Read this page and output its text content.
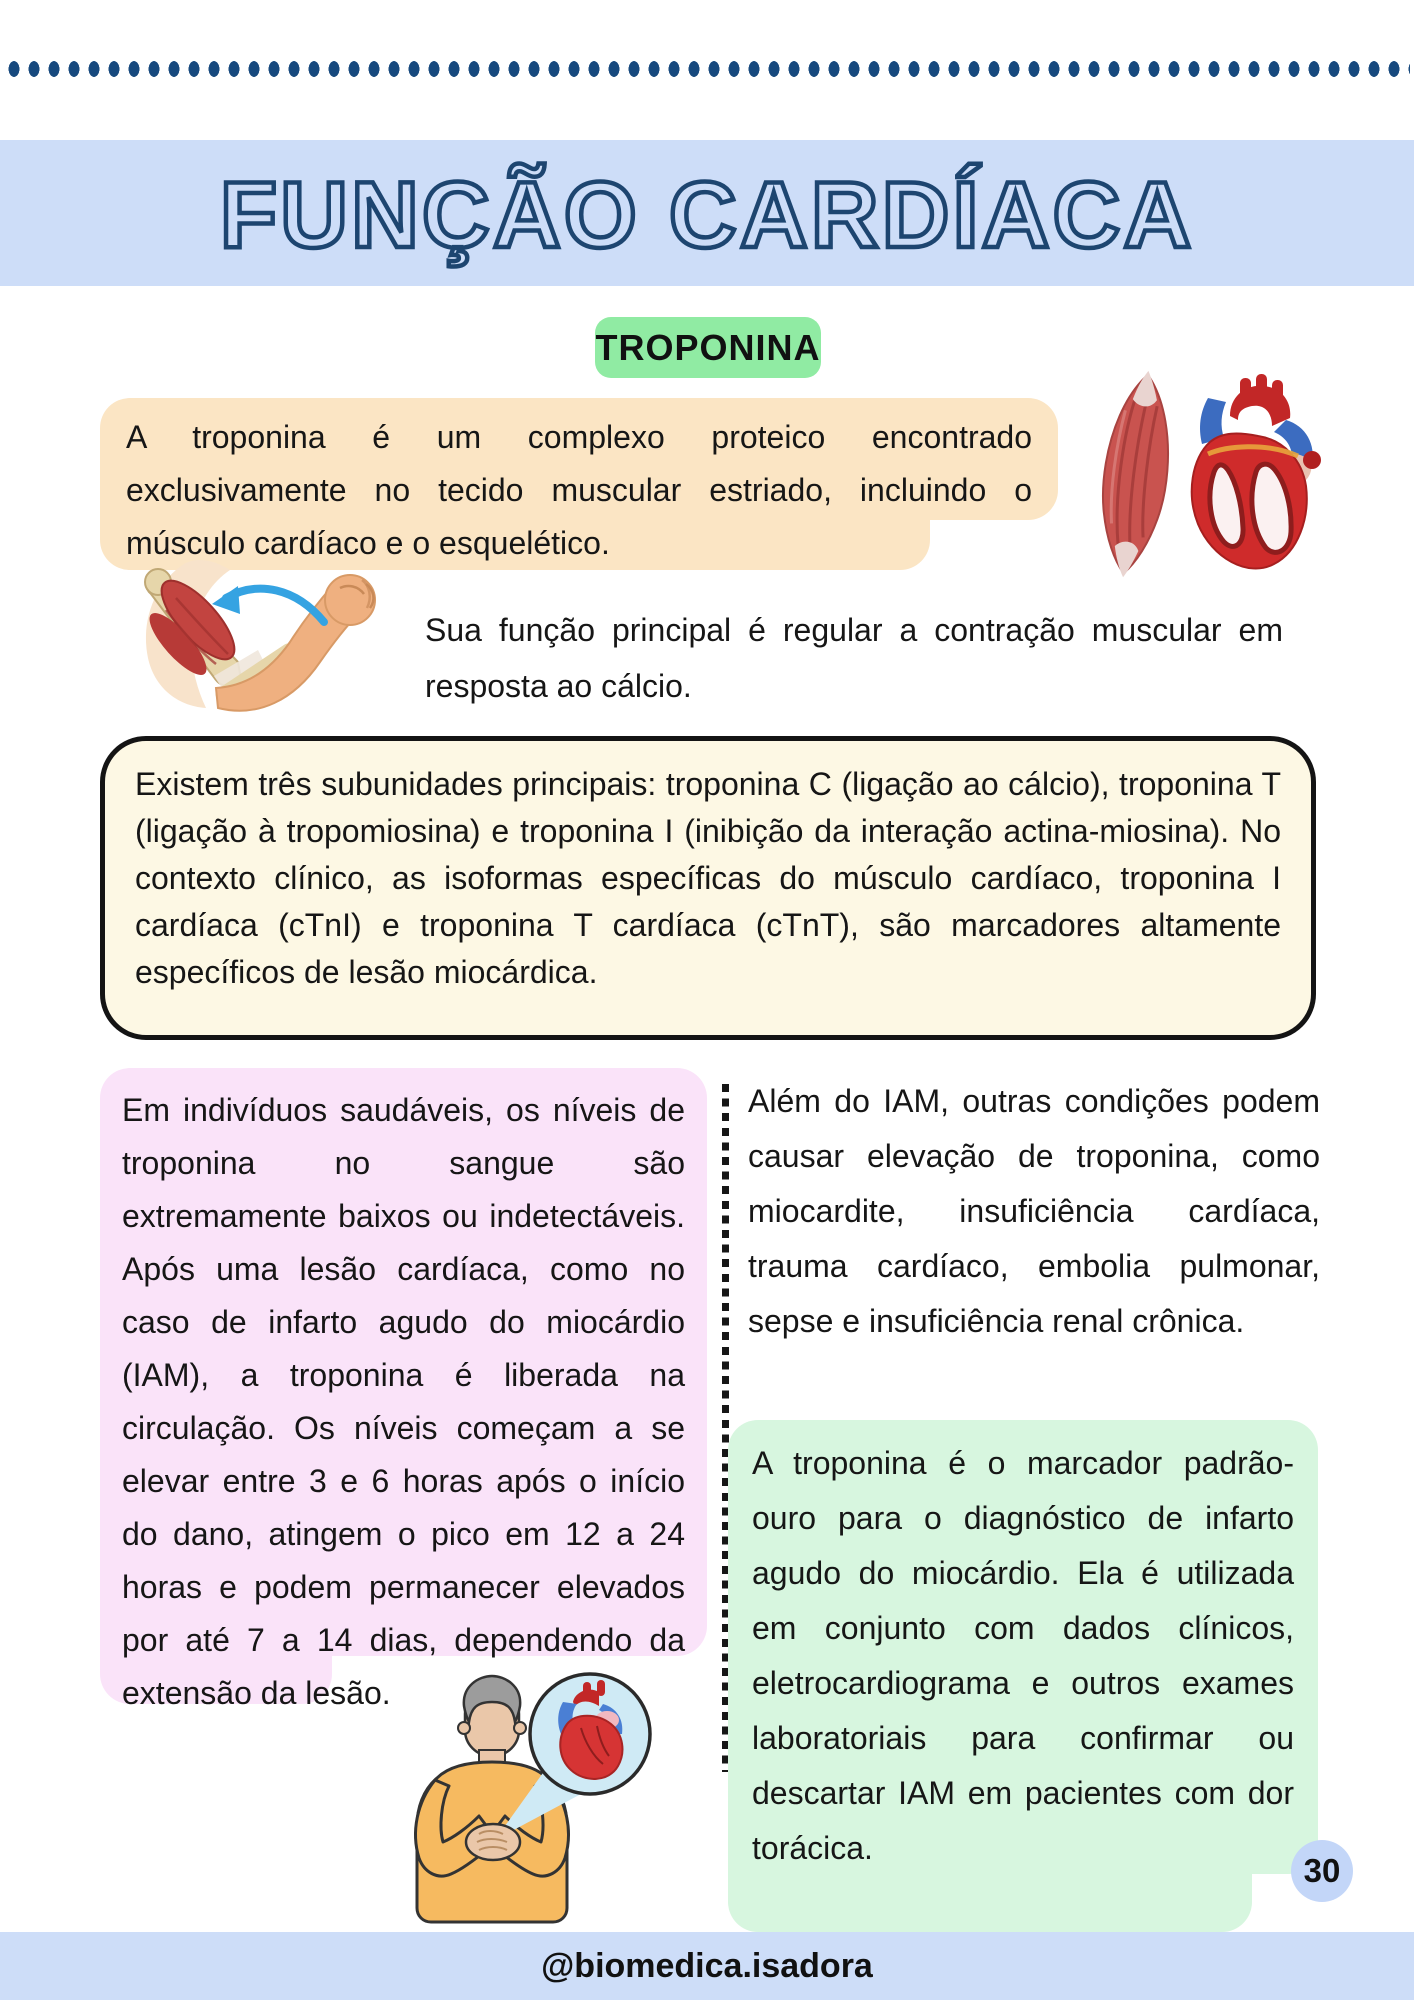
FUNÇÃO CARDÍACA
TROPONINA

A troponina é um complexo proteico encontrado exclusivamente no tecido muscular estriado, incluindo o músculo cardíaco e o esquelético.

Sua função principal é regular a contração muscular em resposta ao cálcio.

Existem três subunidades principais: troponina C (ligação ao cálcio), troponina T (ligação à tropomiosina) e troponina I (inibição da interação actina-miosina). No contexto clínico, as isoformas específicas do músculo cardíaco, troponina I cardíaca (cTnI) e troponina T cardíaca (cTnT), são marcadores altamente específicos de lesão miocárdica.

Em indivíduos saudáveis, os níveis de troponina no sangue são extremamente baixos ou indetectáveis. Após uma lesão cardíaca, como no caso de infarto agudo do miocárdio (IAM), a troponina é liberada na circulação. Os níveis começam a se elevar entre 3 e 6 horas após o início do dano, atingem o pico em 12 a 24 horas e podem permanecer elevados por até 7 a 14 dias, dependendo da extensão da lesão.

Além do IAM, outras condições podem causar elevação de troponina, como miocardite, insuficiência cardíaca, trauma cardíaco, embolia pulmonar, sepse e insuficiência renal crônica.

A troponina é o marcador padrão-ouro para o diagnóstico de infarto agudo do miocárdio. Ela é utilizada em conjunto com dados clínicos, eletrocardiograma e outros exames laboratoriais para confirmar ou descartar IAM em pacientes com dor torácica.

30
@biomedica.isadora
